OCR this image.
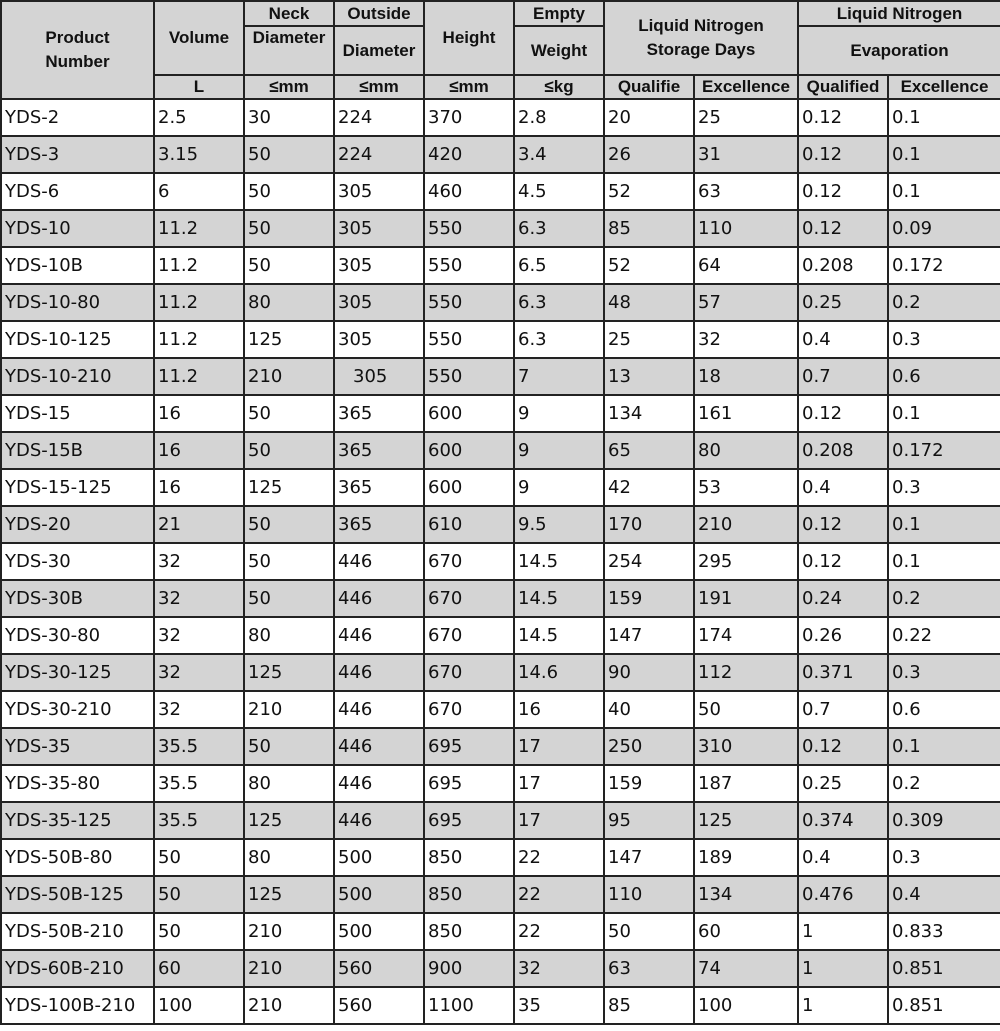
Product Number	Volume	Neck	Outside	Height	Empty	Liquid Nitrogen Storage Days		Liquid Nitrogen	
		Diameter	Diameter		Weight			Evaporation	
	L	≤mm	≤mm	≤mm	≤kg	Qualifie	Excellence	Qualified	Excellence
YDS-2	2.5	30	224	370	2.8	20	25	0.12	0.1
YDS-3	3.15	50	224	420	3.4	26	31	0.12	0.1
YDS-6	6	50	305	460	4.5	52	63	0.12	0.1
YDS-10	11.2	50	305	550	6.3	85	110	0.12	0.09
YDS-10B	11.2	50	305	550	6.5	52	64	0.208	0.172
YDS-10-80	11.2	80	305	550	6.3	48	57	0.25	0.2
YDS-10-125	11.2	125	305	550	6.3	25	32	0.4	0.3
YDS-10-210	11.2	210	305	550	7	13	18	0.7	0.6
YDS-15	16	50	365	600	9	134	161	0.12	0.1
YDS-15B	16	50	365	600	9	65	80	0.208	0.172
YDS-15-125	16	125	365	600	9	42	53	0.4	0.3
YDS-20	21	50	365	610	9.5	170	210	0.12	0.1
YDS-30	32	50	446	670	14.5	254	295	0.12	0.1
YDS-30B	32	50	446	670	14.5	159	191	0.24	0.2
YDS-30-80	32	80	446	670	14.5	147	174	0.26	0.22
YDS-30-125	32	125	446	670	14.6	90	112	0.371	0.3
YDS-30-210	32	210	446	670	16	40	50	0.7	0.6
YDS-35	35.5	50	446	695	17	250	310	0.12	0.1
YDS-35-80	35.5	80	446	695	17	159	187	0.25	0.2
YDS-35-125	35.5	125	446	695	17	95	125	0.374	0.309
YDS-50B-80	50	80	500	850	22	147	189	0.4	0.3
YDS-50B-125	50	125	500	850	22	110	134	0.476	0.4
YDS-50B-210	50	210	500	850	22	50	60	1	0.833
YDS-60B-210	60	210	560	900	32	63	74	1	0.851
YDS-100B-210	100	210	560	1100	35	85	100	1	0.851
